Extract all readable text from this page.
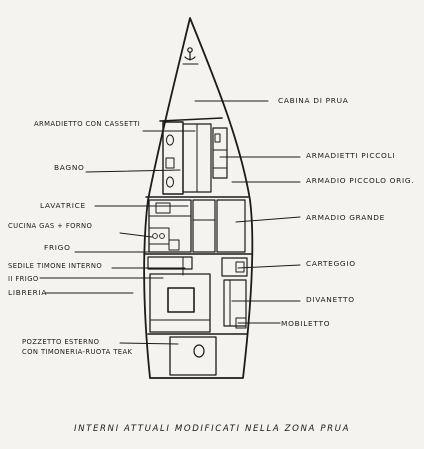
CABINA DI PRUA
ARMADIETTI PICCOLI
ARMADIO PICCOLO ORIG.
ARMADIO GRANDE
CARTEGGIO
DIVANETTO
MOBILETTO
ARMADIETTO CON CASSETTI
BAGNO
LAVATRICE
CUCINA GAS + FORNO
FRIGO
SEDILE TIMONE INTERNO
II FRIGO
LIBRERIA
POZZETTO ESTERNO
CON TIMONERIA-RUOTA TEAK
INTERNI ATTUALI MODIFICATI NELLA ZONA PRUA
